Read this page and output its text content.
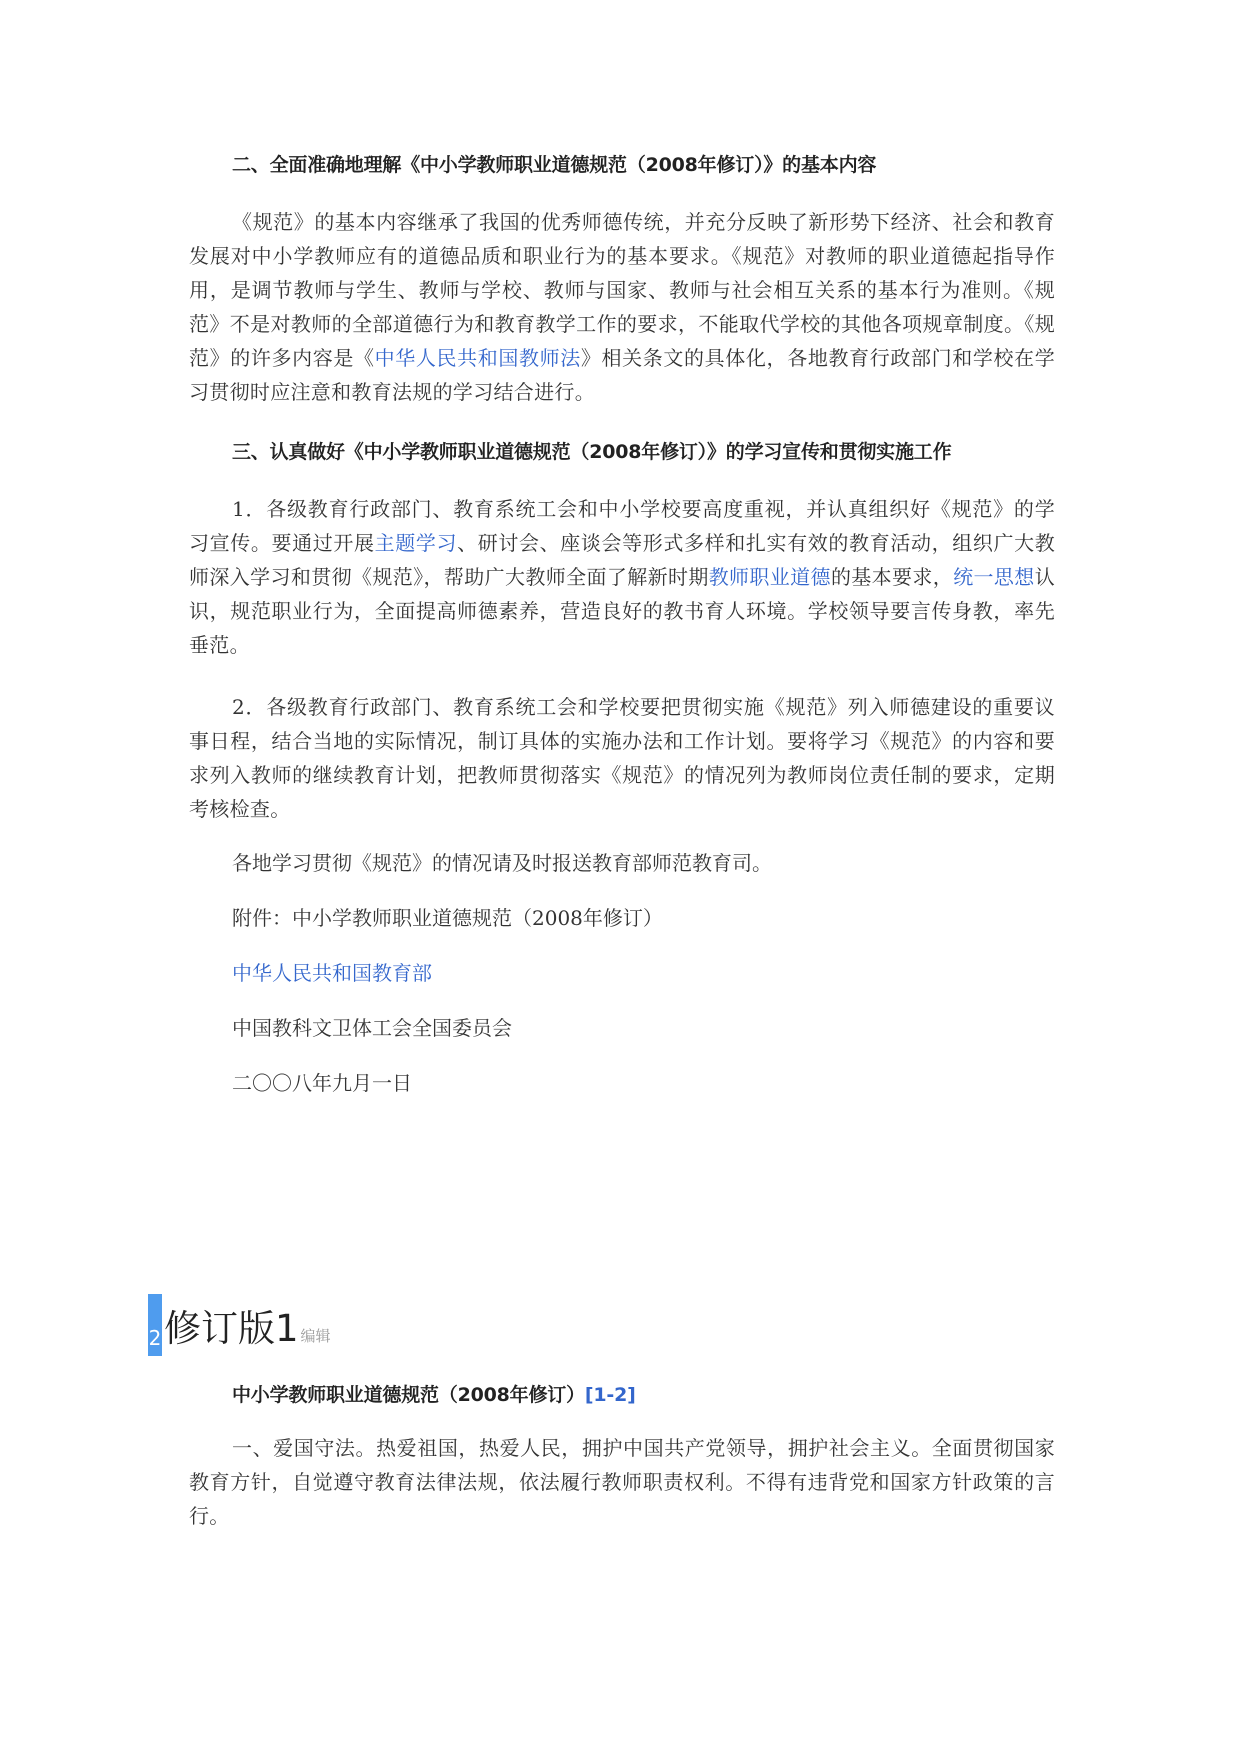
二、全面准确地理解《中小学教师职业道德规范（2008年修订）》的基本内容

《规范》的基本内容继承了我国的优秀师德传统，并充分反映了新形势下经济、社会和教育发展对中小学教师应有的道德品质和职业行为的基本要求。《规范》对教师的职业道德起指导作用，是调节教师与学生、教师与学校、教师与国家、教师与社会相互关系的基本行为准则。《规范》不是对教师的全部道德行为和教育教学工作的要求，不能取代学校的其他各项规章制度。《规范》的许多内容是《中华人民共和国教师法》相关条文的具体化，各地教育行政部门和学校在学习贯彻时应注意和教育法规的学习结合进行。

三、认真做好《中小学教师职业道德规范（2008年修订）》的学习宣传和贯彻实施工作

1．各级教育行政部门、教育系统工会和中小学校要高度重视，并认真组织好《规范》的学习宣传。要通过开展主题学习、研讨会、座谈会等形式多样和扎实有效的教育活动，组织广大教师深入学习和贯彻《规范》，帮助广大教师全面了解新时期教师职业道德的基本要求，统一思想认识，规范职业行为，全面提高师德素养，营造良好的教书育人环境。学校领导要言传身教，率先垂范。

2．各级教育行政部门、教育系统工会和学校要把贯彻实施《规范》列入师德建设的重要议事日程，结合当地的实际情况，制订具体的实施办法和工作计划。要将学习《规范》的内容和要求列入教师的继续教育计划，把教师贯彻落实《规范》的情况列为教师岗位责任制的要求，定期考核检查。

各地学习贯彻《规范》的情况请及时报送教育部师范教育司。

附件：中小学教师职业道德规范（2008年修订）

中华人民共和国教育部

中国教科文卫体工会全国委员会

二〇〇八年九月一日

2 修订版1 编辑

中小学教师职业道德规范（2008年修订）[1-2]

一、爱国守法。热爱祖国，热爱人民，拥护中国共产党领导，拥护社会主义。全面贯彻国家教育方针，自觉遵守教育法律法规，依法履行教师职责权利。不得有违背党和国家方针政策的言行。
